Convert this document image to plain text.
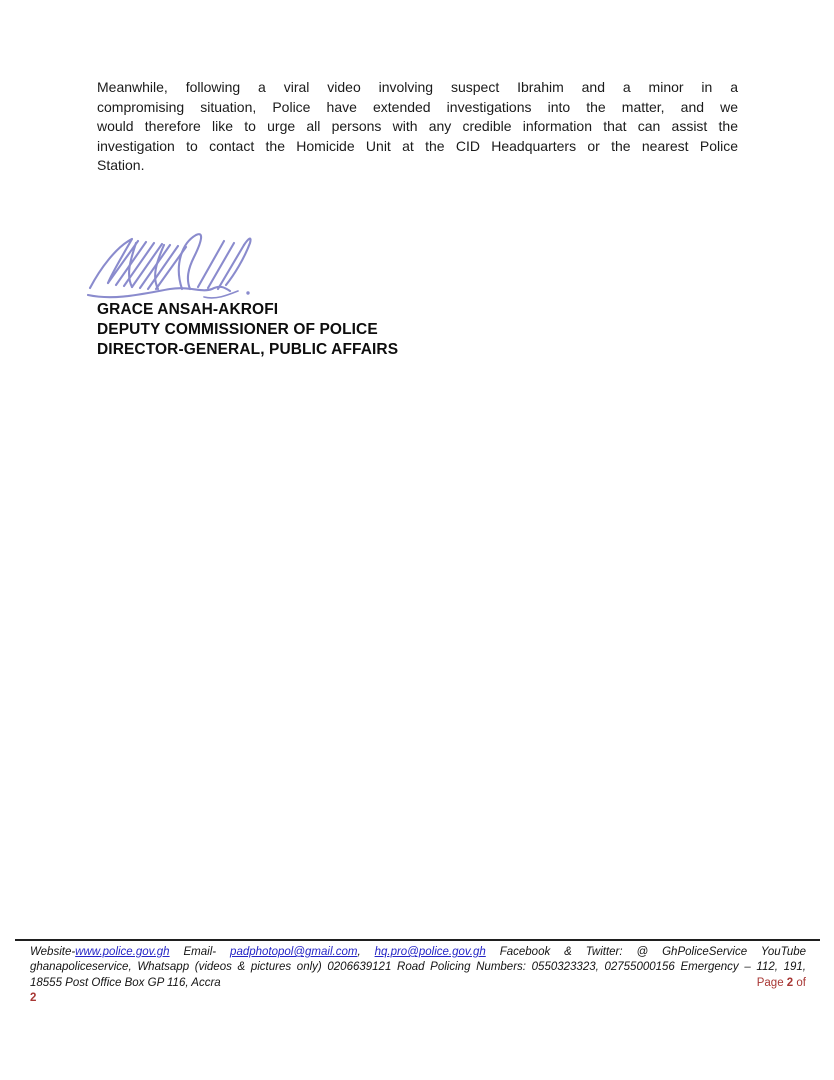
Meanwhile, following a viral video involving suspect Ibrahim and a minor in a
compromising situation, Police have extended investigations into the matter, and we
would therefore like to urge all persons with any credible information that can assist the
investigation to contact the Homicide Unit at the CID Headquarters or the nearest Police
Station.
GRACE ANSAH-AKROFI
DEPUTY COMMISSIONER OF POLICE
DIRECTOR-GENERAL, PUBLIC AFFAIRS
Website-www.police.gov.gh Email- padphotopol@gmail.com, hq.pro@police.gov.gh Facebook & Twitter: @ GhPoliceService YouTube
ghanapoliceservice, Whatsapp (videos & pictures only) 0206639121 Road Policing Numbers: 0550323323, 02755000156 Emergency – 112, 191,
18555 Post Office Box GP 116, Accra	Page 2 of
2
